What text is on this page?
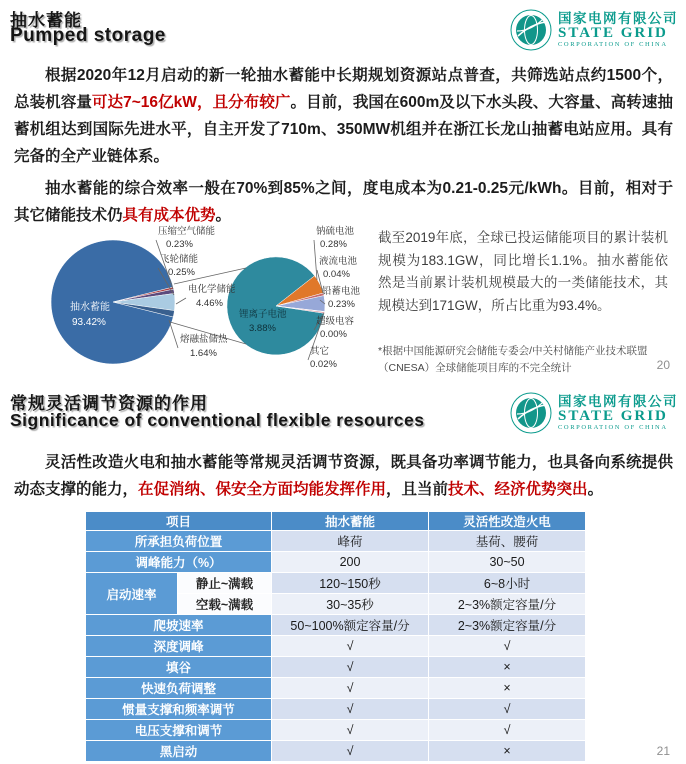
抽水蓄能
Pumped storage
国家电网有限公司
STATE GRID
CORPORATION OF CHINA

根据2020年12月启动的新一轮抽水蓄能中长期规划资源站点普查，共筛选站点约1500个，总装机容量可达7~16亿kW，且分布较广。目前，我国在600m及以下水头段、大容量、高转速抽蓄机组达到国际先进水平，自主开发了710m、350MW机组并在浙江长龙山抽蓄电站应用。具有完备的全产业链体系。

抽水蓄能的综合效率一般在70%到85%之间，度电成本为0.21-0.25元/kWh。目前，相对于其它储能技术仍具有成本优势。

压缩空气储能
0.23%
飞轮储能
0.25%
电化学储能
4.46%
熔融盐储热
1.64%
钠硫电池
0.28%
液流电池
0.04%
铅蓄电池
0.23%
超级电容
0.00%
其它
0.02%
抽水蓄能
93.42%
锂离子电池
3.88%
截至2019年底，全球已投运储能项目的累计装机规模为183.1GW，同比增长1.1%。抽水蓄能依然是当前累计装机规模最大的一类储能技术，其规模达到171GW，所占比重为93.4%。
*根据中国能源研究会储能专委会/中关村储能产业技术联盟（CNESA）全球储能项目库的不完全统计	20
常规灵活调节资源的作用
Significance of conventional flexible resources
国家电网有限公司
STATE GRID
CORPORATION OF CHINA

灵活性改造火电和抽水蓄能等常规灵活调节资源，既具备功率调节能力，也具备向系统提供动态支撑的能力，在促消纳、保安全方面均能发挥作用，且当前技术、经济优势突出。

项目		抽水蓄能	灵活性改造火电
所承担负荷位置		峰荷	基荷、腰荷
调峰能力（%）		200	30~50
启动速率	静止~满载	120~150秒	6~8小时
	空载~满载	30~35秒	2~3%额定容量/分
爬坡速率		50~100%额定容量/分	2~3%额定容量/分
深度调峰		√	√
填谷		√	×
快速负荷调整		√	×
惯量支撑和频率调节		√	√
电压支撑和调节		√	√
黑启动		√	×	21
